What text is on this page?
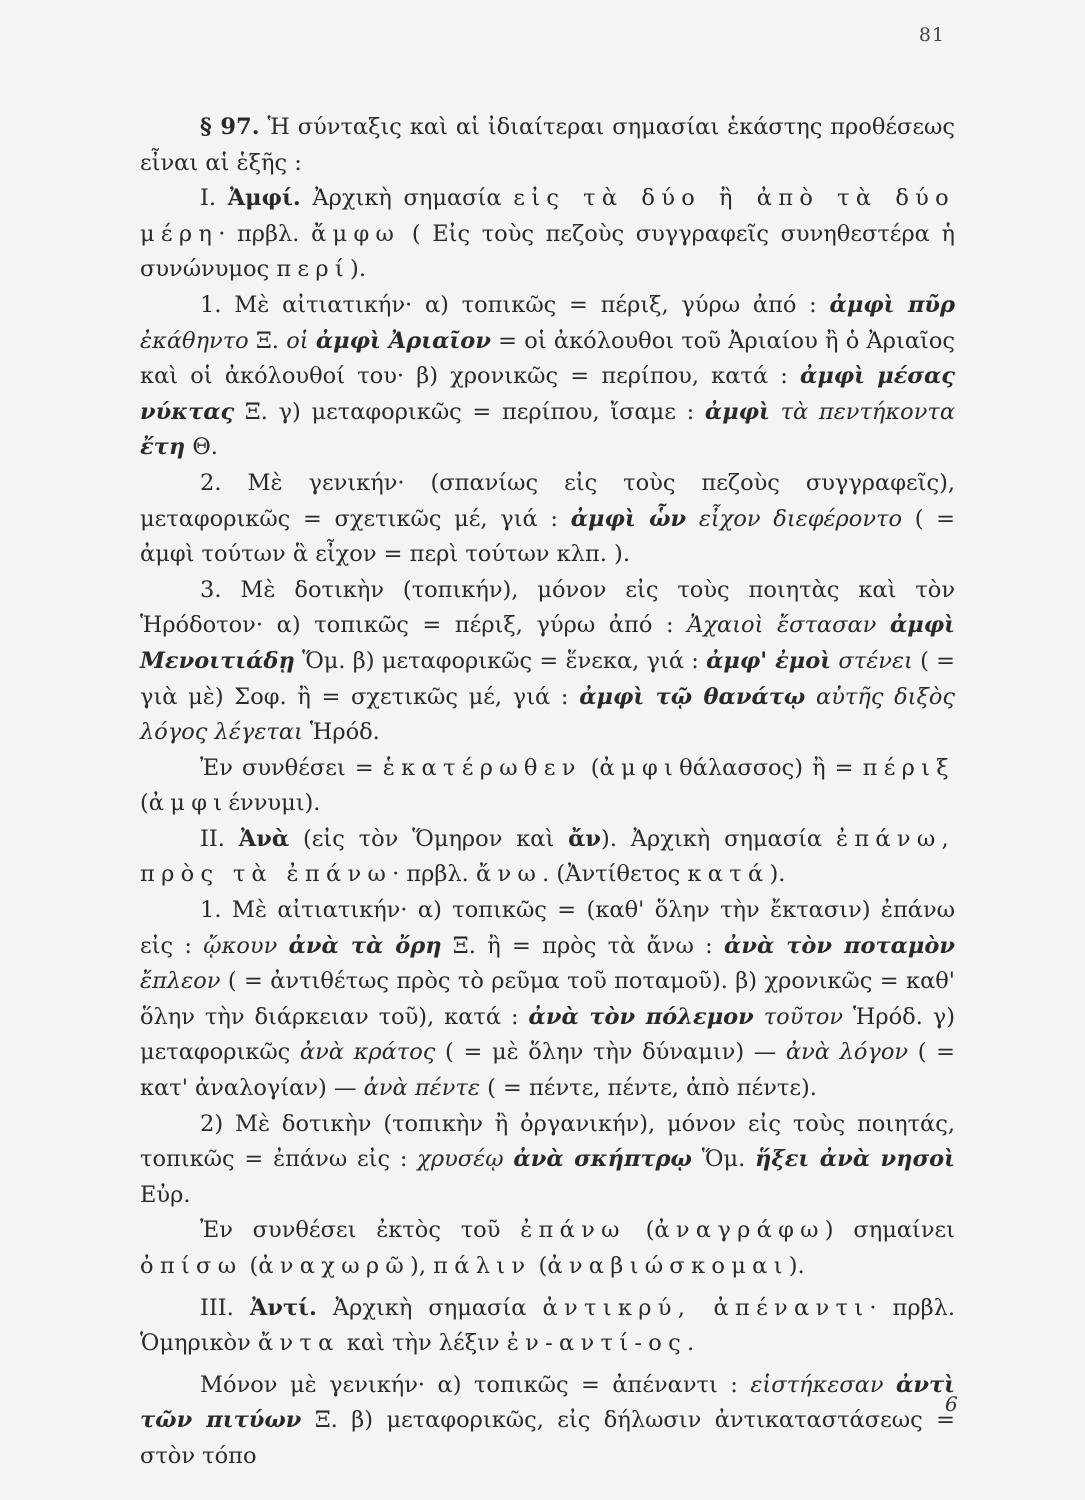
81

§ 97. Ἡ σύνταξις καὶ αἱ ἰδιαίτεραι σημασίαι ἑκάστης προθέσεως εἶναι αἱ ἑξῆς :

I. Ἀμφί. Ἀρχικὴ σημασία εἰς τὰ δύο ἢ ἀπὸ τὰ δύο μέρη· πρβλ. ἄμφω ( Εἰς τοὺς πεζοὺς συγγραφεῖς συνηθεστέρα ἡ συνώνυμος περί).

1. Μὲ αἰτιατικήν· α) τοπικῶς = πέριξ, γύρω ἀπό : ἀμφὶ πῦρ ἐκάθηντο Ξ. οἱ ἀμφὶ Ἀριαῖον = οἱ ἀκόλουθοι τοῦ Ἀριαίου ἢ ὁ Ἀριαῖος καὶ οἱ ἀκόλουθοί του· β) χρονικῶς = περίπου, κατά : ἀμφὶ μέσας νύκτας Ξ. γ) μεταφορικῶς = περίπου, ἴσαμε : ἀμφὶ τὰ πεντήκοντα ἔτη Θ.

2. Μὲ γενικήν· (σπανίως εἰς τοὺς πεζοὺς συγγραφεῖς), μεταφορικῶς = σχετικῶς μέ, γιά : ἀμφὶ ὧν εἶχον διεφέροντο ( = ἀμφὶ τούτων ἃ εἶχον = περὶ τούτων κλπ. ).

3. Μὲ δοτικὴν (τοπικήν), μόνον εἰς τοὺς ποιητὰς καὶ τὸν Ἡρόδοτον· α) τοπικῶς = πέριξ, γύρω ἀπό : Ἀχαιοὶ ἔστασαν ἀμφὶ Μενοιτιάδῃ Ὅμ. β) μεταφορικῶς = ἕνεκα, γιά : ἀμφ' ἐμοὶ στένει ( = γιὰ μὲ) Σοφ. ἢ = σχετικῶς μέ, γιά : ἀμφὶ τῷ θανάτῳ αὐτῆς διξὸς λόγος λέγεται Ἡρόδ.

Ἐν συνθέσει = ἑκατέρωθεν (ἀμφιθάλασσος) ἢ = πέριξ (ἀμφιέννυμι).

II. Ἀνὰ (εἰς τὸν Ὅμηρον καὶ ἄν). Ἀρχικὴ σημασία ἐπάνω, πρὸς τὰ ἐπάνω· πρβλ. ἄνω. (Ἀντίθετος κατά).

1. Μὲ αἰτιατικήν· α) τοπικῶς = (καθ' ὅλην τὴν ἔκτασιν) ἐπάνω εἰς : ᾤκουν ἀνὰ τὰ ὄρη Ξ. ἢ = πρὸς τὰ ἄνω : ἀνὰ τὸν ποταμὸν ἔπλεον ( = ἀντιθέτως πρὸς τὸ ρεῦμα τοῦ ποταμοῦ). β) χρονικῶς = καθ' ὅλην τὴν διάρκειαν τοῦ), κατά : ἀνὰ τὸν πόλεμον τοῦτον Ἡρόδ. γ) μεταφορικῶς ἀνὰ κράτος ( = μὲ ὅλην τὴν δύναμιν) — ἀνὰ λόγον ( = κατ' ἀναλογίαν) — ἀνὰ πέντε ( = πέντε, πέντε, ἀπὸ πέντε).

2) Μὲ δοτικὴν (τοπικὴν ἢ ὀργανικήν), μόνον εἰς τοὺς ποιητάς, τοπικῶς = ἐπάνω εἰς : χρυσέῳ ἀνὰ σκήπτρῳ Ὅμ. ἥξει ἀνὰ νησοὶ Εὐρ.

Ἐν συνθέσει ἐκτὸς τοῦ ἐπάνω (ἀναγράφω) σημαίνει ὀπίσω (ἀναχωρῶ), πάλιν (ἀναβιώσκομαι).

III. Ἀντί. Ἀρχικὴ σημασία ἀντικρύ, ἀπέναντι· πρβλ. Ὁμηρικὸν ἄντα καὶ τὴν λέξιν ἐν-αντί-ος.

Μόνον μὲ γενικήν· α) τοπικῶς = ἀπέναντι : εἱστήκεσαν ἀντὶ τῶν πιτύων Ξ. β) μεταφορικῶς, εἰς δήλωσιν ἀντικαταστάσεως = στὸν τόπο

6
